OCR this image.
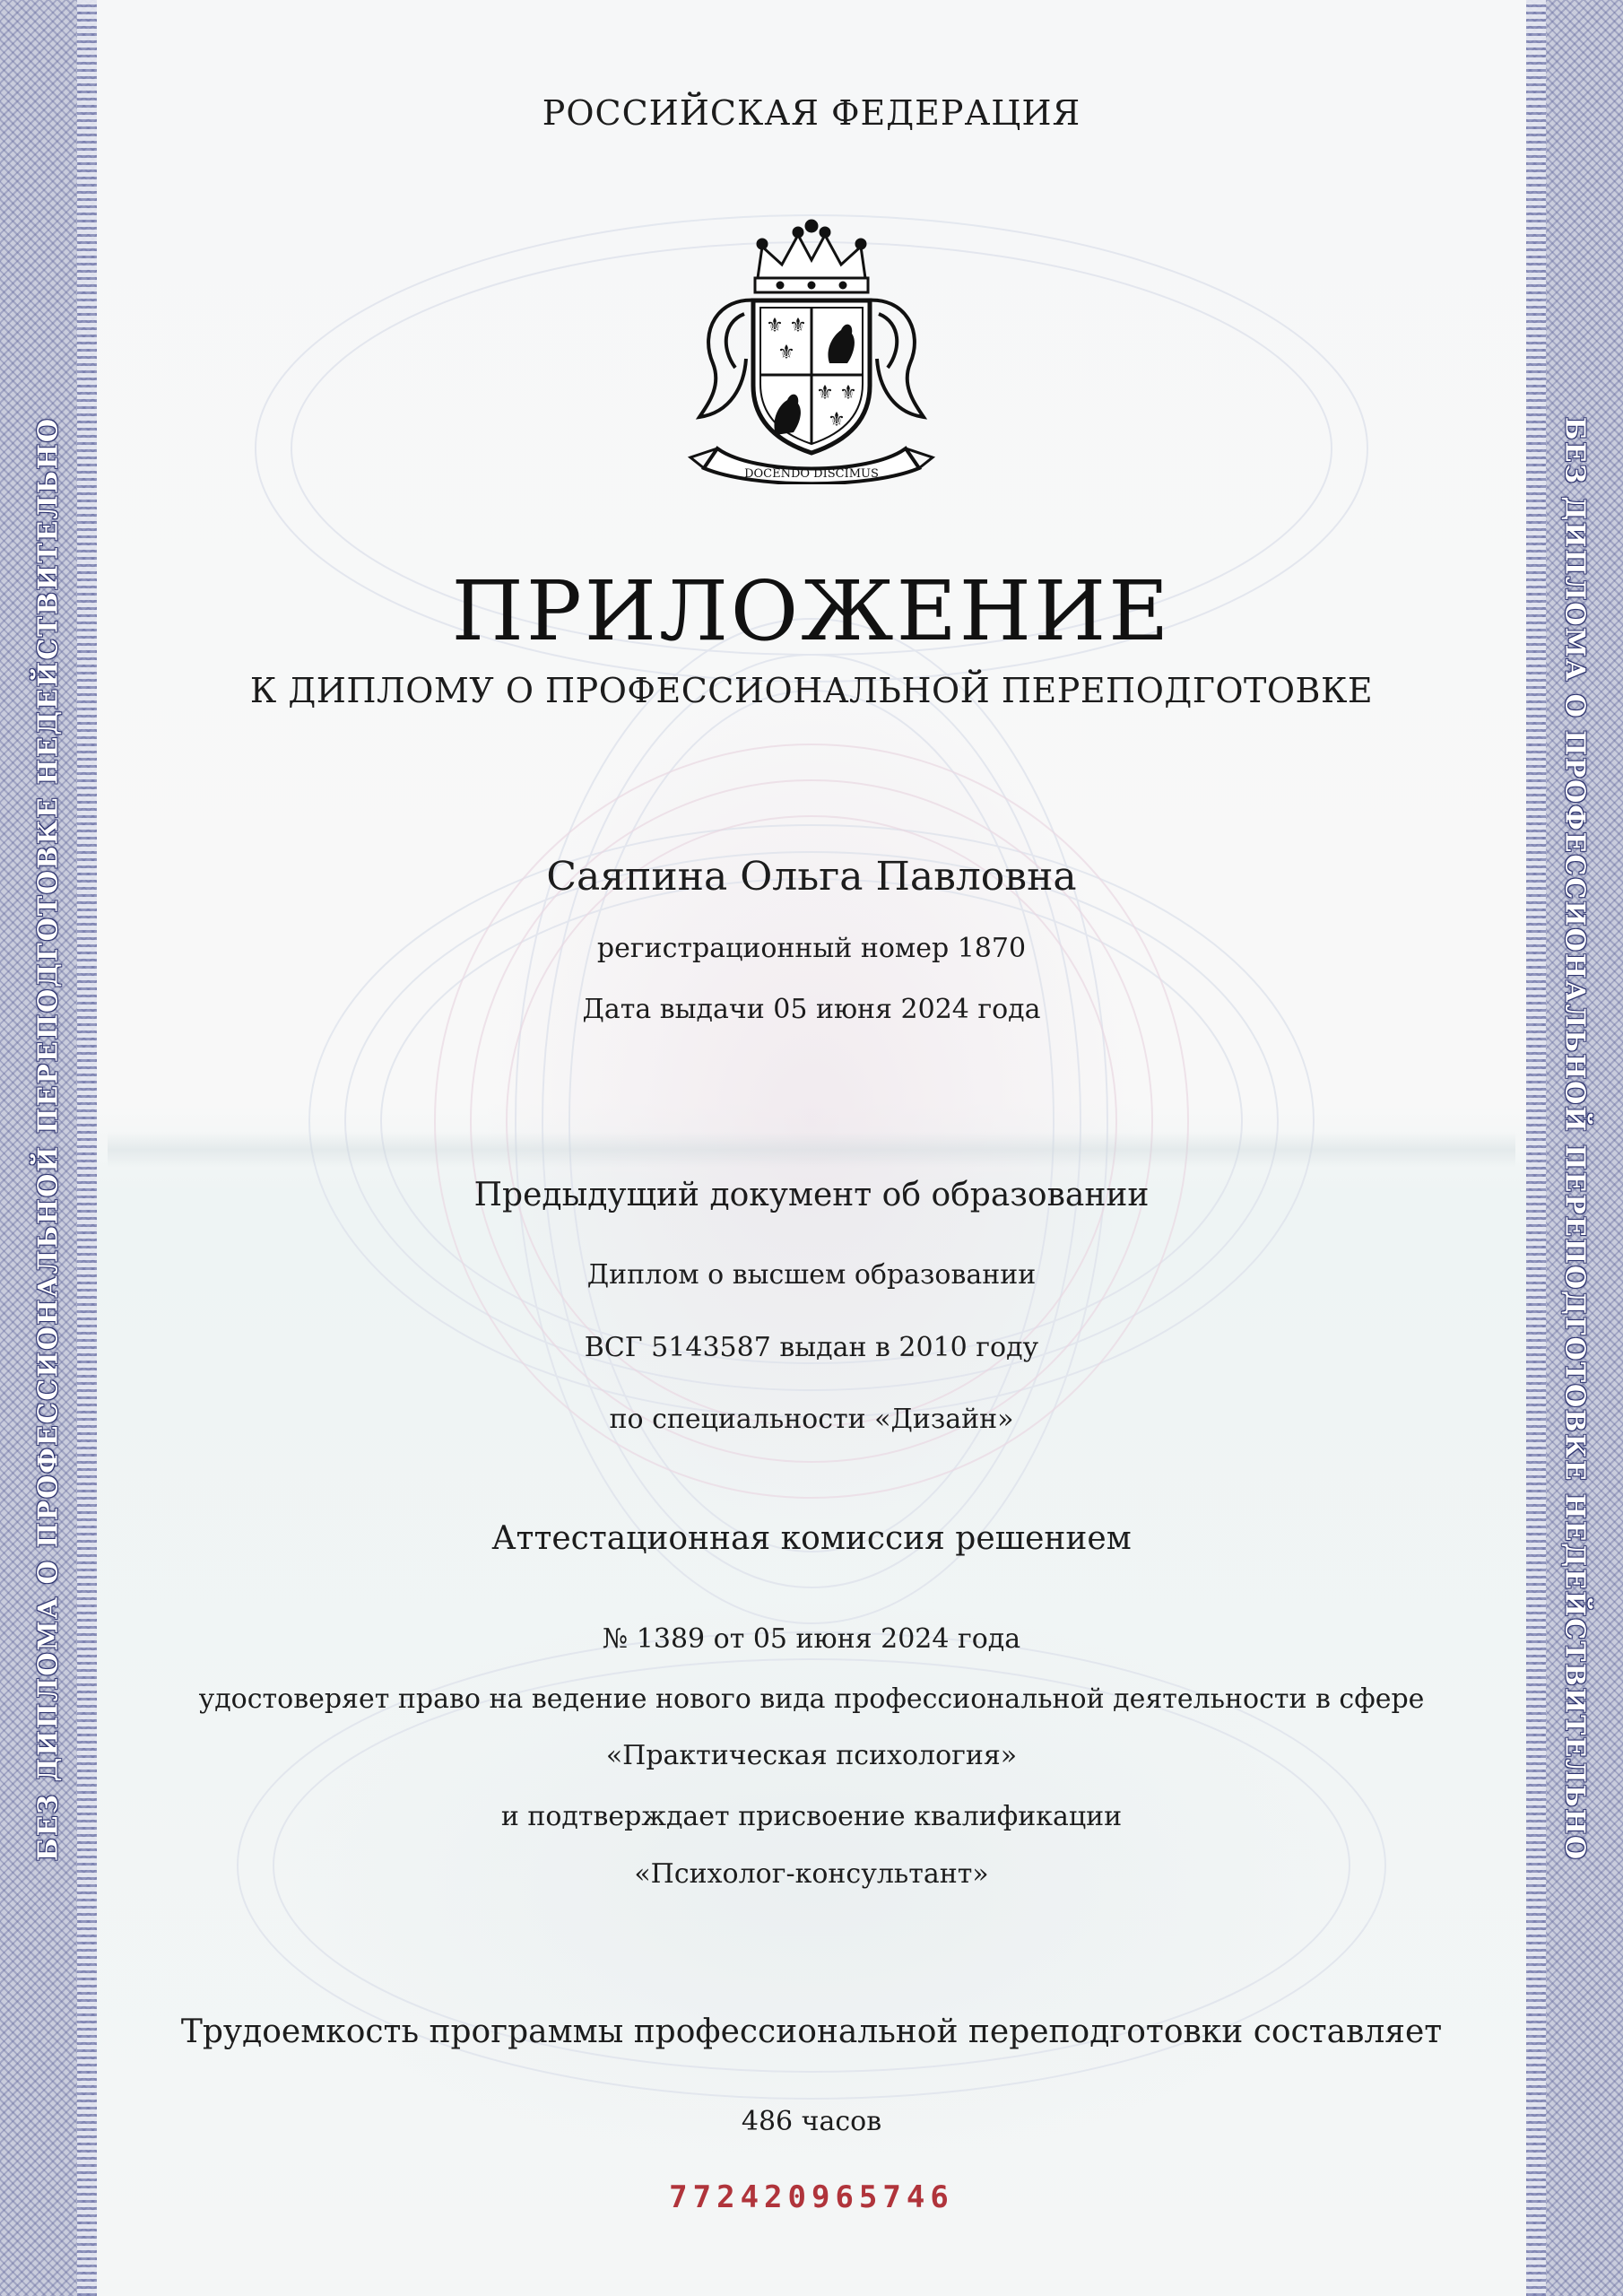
БЕЗ ДИПЛОМА О ПРОФЕССИОНАЛЬНОЙ ПЕРЕПОДГОТОВКЕ НЕДЕЙСТВИТЕЛЬНО	БЕЗ ДИПЛОМА О ПРОФЕССИОНАЛЬНОЙ ПЕРЕПОДГОТОВКЕ НЕДЕЙСТВИТЕЛЬНО
РОССИЙСКАЯ ФЕДЕРАЦИЯ
⚜ ⚜
⚜
⚜ ⚜
⚜
DOCENDO DISCIMUS
ПРИЛОЖЕНИЕ
К ДИПЛОМУ О ПРОФЕССИОНАЛЬНОЙ ПЕРЕПОДГОТОВКЕ
Саяпина Ольга Павловна
регистрационный номер 1870
Дата выдачи 05 июня 2024 года
Предыдущий документ об образовании
Диплом о высшем образовании
ВСГ 5143587 выдан в 2010 году
по специальности «Дизайн»
Аттестационная комиссия решением
№ 1389 от 05 июня 2024 года
удостоверяет право на ведение нового вида профессиональной деятельности в сфере
«Практическая психология»
и подтверждает присвоение квалификации
«Психолог-консультант»
Трудоемкость программы профессиональной переподготовки составляет
486 часов
772420965746
